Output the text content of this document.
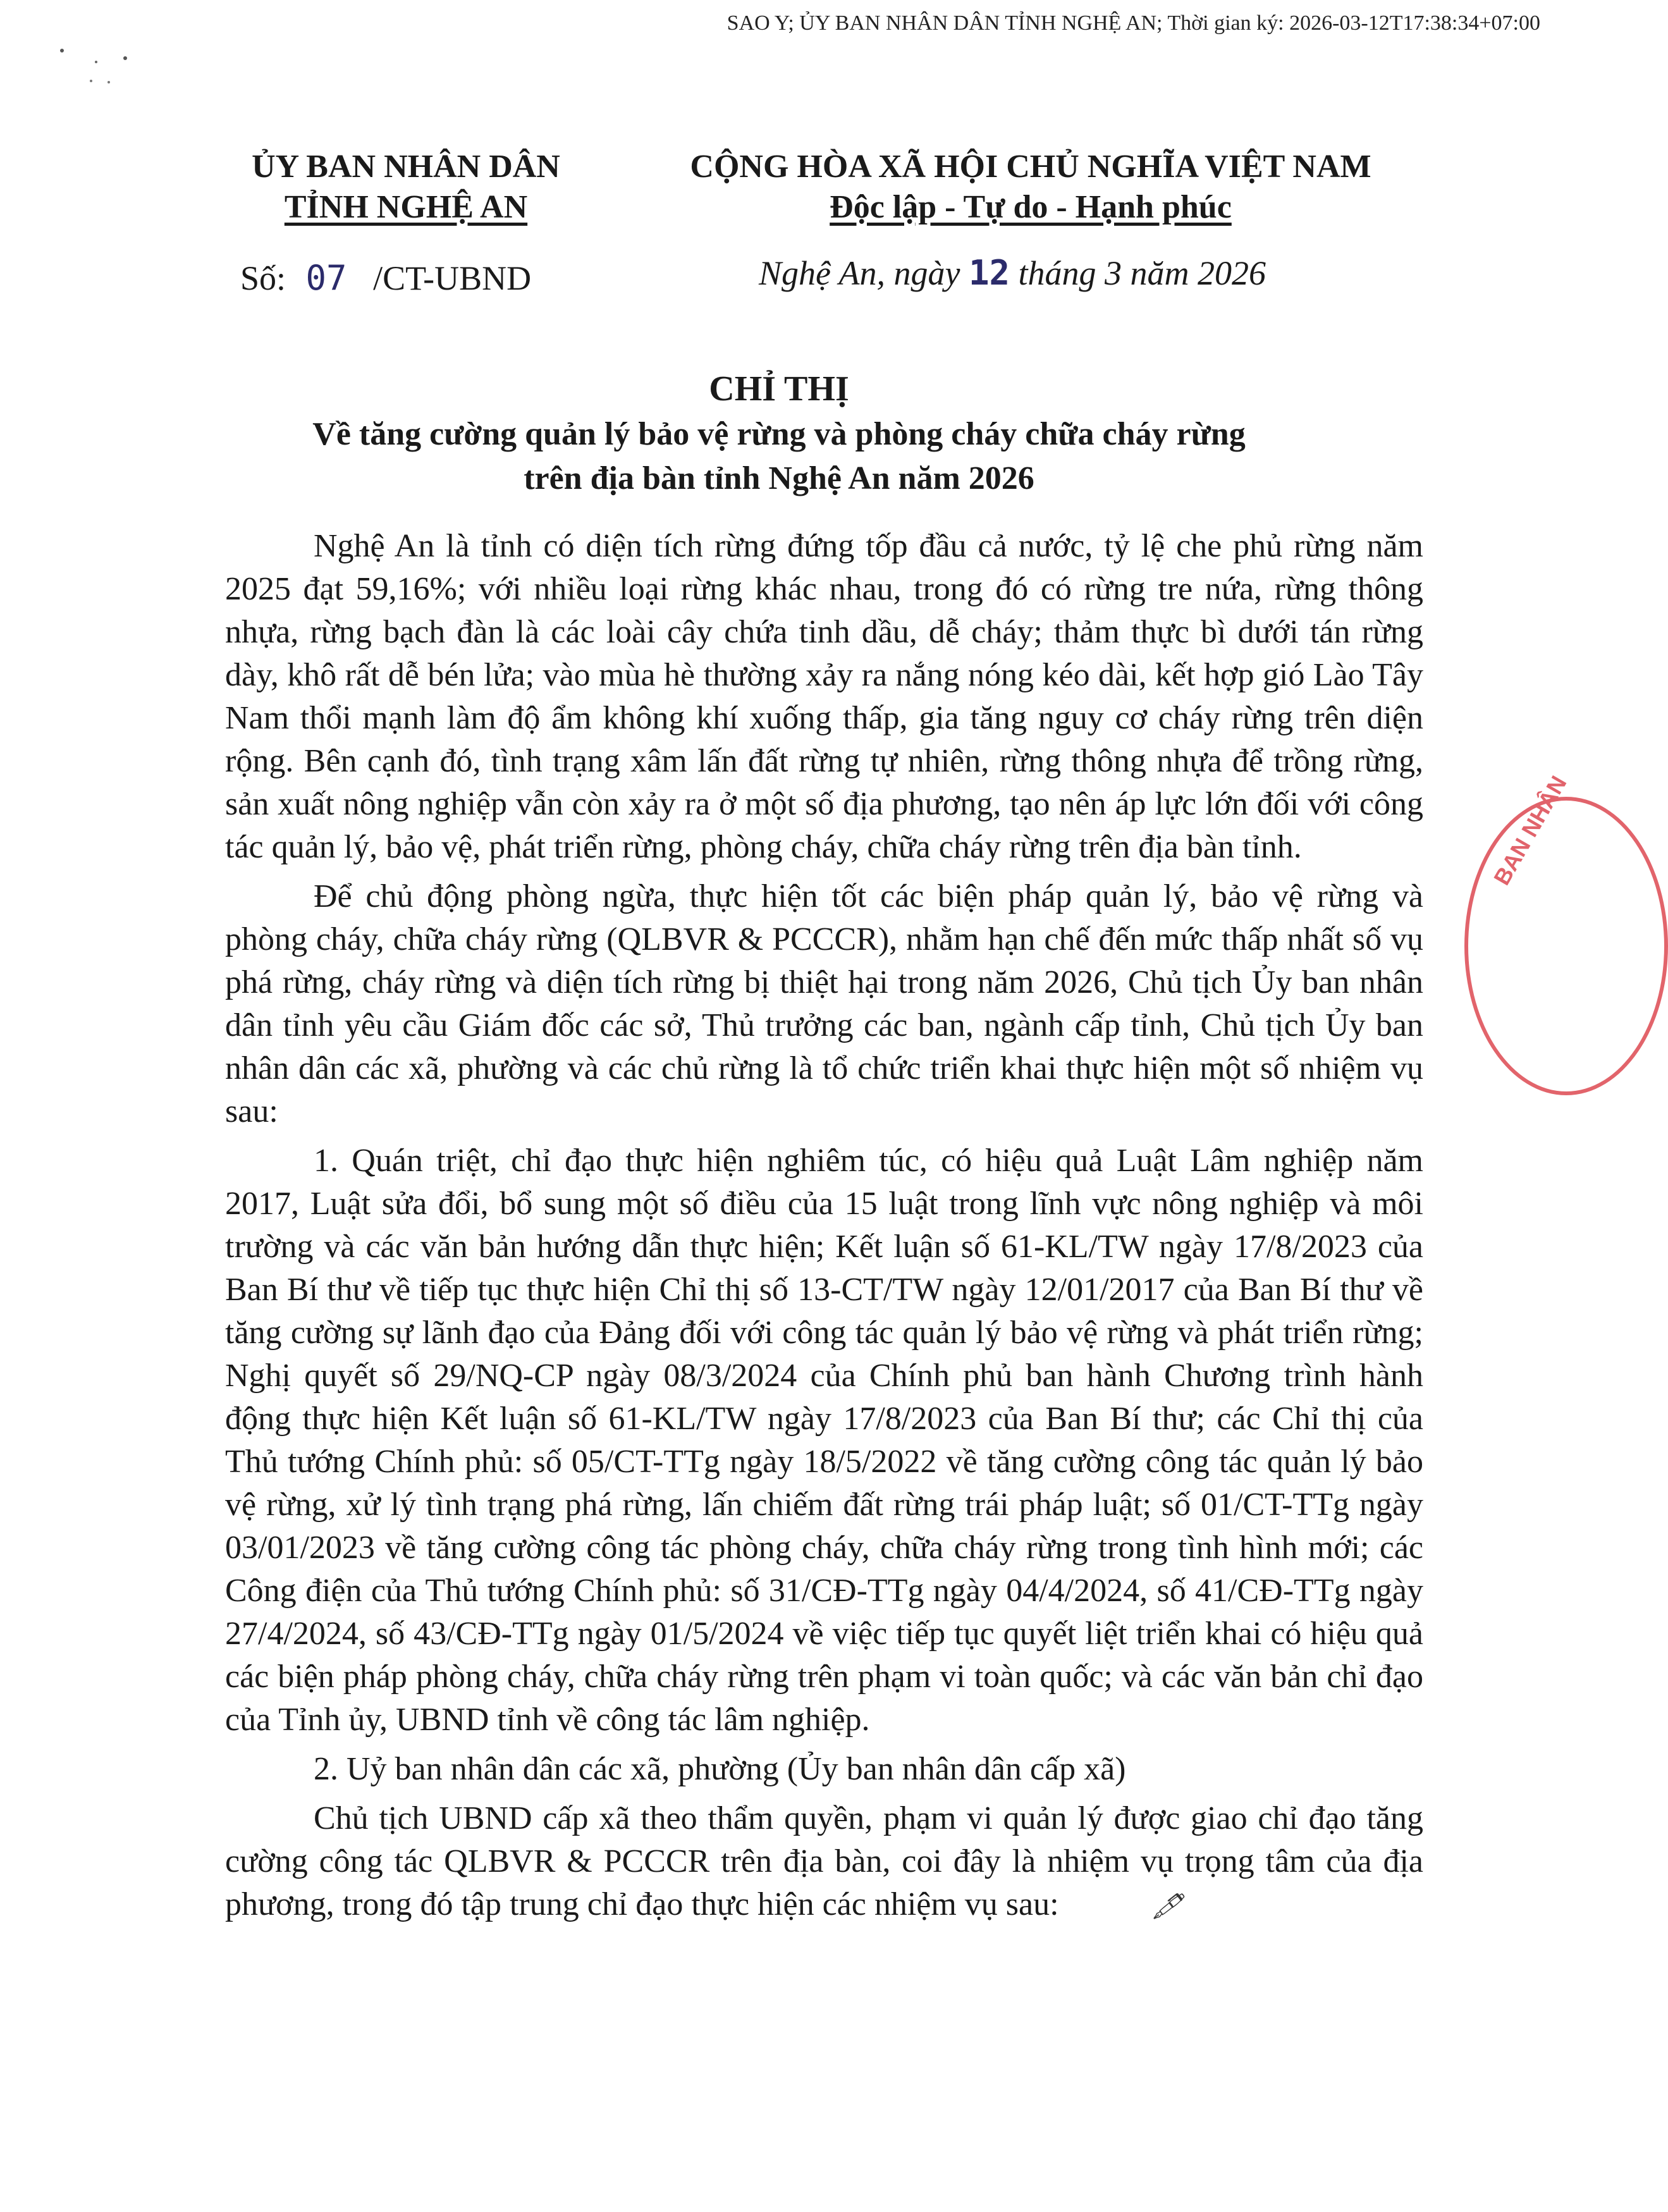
SAO Y; ỦY BAN NHÂN DÂN TỈNH NGHỆ AN; Thời gian ký: 2026-03-12T17:38:34+07:00
ỦY BAN NHÂN DÂN
TỈNH NGHỆ AN
CỘNG HÒA XÃ HỘI CHỦ NGHĨA VIỆT NAM
Độc lập - Tự do - Hạnh phúc
Số: 07 /CT-UBND	Nghệ An, ngày 12 tháng 3 năm 2026
CHỈ THỊ
Về tăng cường quản lý bảo vệ rừng và phòng cháy chữa cháy rừng
trên địa bàn tỉnh Nghệ An năm 2026

Nghệ An là tỉnh có diện tích rừng đứng tốp đầu cả nước, tỷ lệ che phủ rừng năm 2025 đạt 59,16%; với nhiều loại rừng khác nhau, trong đó có rừng tre nứa, rừng thông nhựa, rừng bạch đàn là các loài cây chứa tinh dầu, dễ cháy; thảm thực bì dưới tán rừng dày, khô rất dễ bén lửa; vào mùa hè thường xảy ra nắng nóng kéo dài, kết hợp gió Lào Tây Nam thổi mạnh làm độ ẩm không khí xuống thấp, gia tăng nguy cơ cháy rừng trên diện rộng. Bên cạnh đó, tình trạng xâm lấn đất rừng tự nhiên, rừng thông nhựa để trồng rừng, sản xuất nông nghiệp vẫn còn xảy ra ở một số địa phương, tạo nên áp lực lớn đối với công tác quản lý, bảo vệ, phát triển rừng, phòng cháy, chữa cháy rừng trên địa bàn tỉnh.

Để chủ động phòng ngừa, thực hiện tốt các biện pháp quản lý, bảo vệ rừng và phòng cháy, chữa cháy rừng (QLBVR & PCCCR), nhằm hạn chế đến mức thấp nhất số vụ phá rừng, cháy rừng và diện tích rừng bị thiệt hại trong năm 2026, Chủ tịch Ủy ban nhân dân tỉnh yêu cầu Giám đốc các sở, Thủ trưởng các ban, ngành cấp tỉnh, Chủ tịch Ủy ban nhân dân các xã, phường và các chủ rừng là tổ chức triển khai thực hiện một số nhiệm vụ sau:

1. Quán triệt, chỉ đạo thực hiện nghiêm túc, có hiệu quả Luật Lâm nghiệp năm 2017, Luật sửa đổi, bổ sung một số điều của 15 luật trong lĩnh vực nông nghiệp và môi trường và các văn bản hướng dẫn thực hiện; Kết luận số 61-KL/TW ngày 17/8/2023 của Ban Bí thư về tiếp tục thực hiện Chỉ thị số 13-CT/TW ngày 12/01/2017 của Ban Bí thư về tăng cường sự lãnh đạo của Đảng đối với công tác quản lý bảo vệ rừng và phát triển rừng; Nghị quyết số 29/NQ-CP ngày 08/3/2024 của Chính phủ ban hành Chương trình hành động thực hiện Kết luận số 61-KL/TW ngày 17/8/2023 của Ban Bí thư; các Chỉ thị của Thủ tướng Chính phủ: số 05/CT-TTg ngày 18/5/2022 về tăng cường công tác quản lý bảo vệ rừng, xử lý tình trạng phá rừng, lấn chiếm đất rừng trái pháp luật; số 01/CT-TTg ngày 03/01/2023 về tăng cường công tác phòng cháy, chữa cháy rừng trong tình hình mới; các Công điện của Thủ tướng Chính phủ: số 31/CĐ-TTg ngày 04/4/2024, số 41/CĐ-TTg ngày 27/4/2024, số 43/CĐ-TTg ngày 01/5/2024 về việc tiếp tục quyết liệt triển khai có hiệu quả các biện pháp phòng cháy, chữa cháy rừng trên phạm vi toàn quốc; và các văn bản chỉ đạo của Tỉnh ủy, UBND tỉnh về công tác lâm nghiệp.

2. Uỷ ban nhân dân các xã, phường (Ủy ban nhân dân cấp xã)

Chủ tịch UBND cấp xã theo thẩm quyền, phạm vi quản lý được giao chỉ đạo tăng cường công tác QLBVR & PCCCR trên địa bàn, coi đây là nhiệm vụ trọng tâm của địa phương, trong đó tập trung chỉ đạo thực hiện các nhiệm vụ sau:	🖋

BAN NHÂN
